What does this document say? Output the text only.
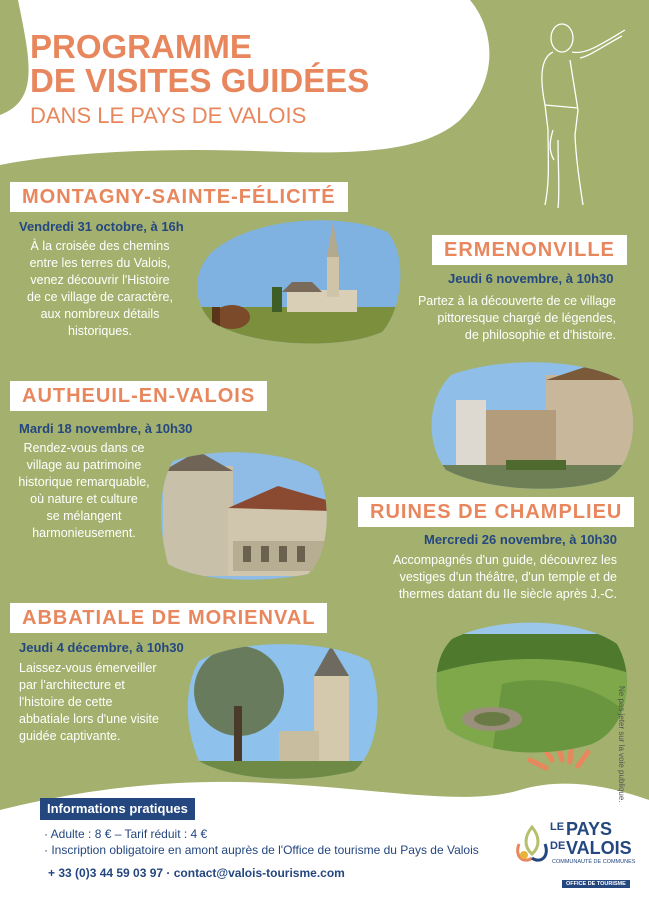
PROGRAMME
DE VISITES GUIDÉES
DANS LE PAYS DE VALOIS
MONTAGNY-SAINTE-FÉLICITÉ
Vendredi 31 octobre, à 16h
À la croisée des chemins
entre les terres du Valois,
venez découvrir l'Histoire
de ce village de caractère,
aux nombreux détails
historiques.
ERMENONVILLE
Jeudi 6 novembre, à 10h30
Partez à la découverte de ce village
pittoresque chargé de légendes,
de philosophie et d'histoire.
AUTHEUIL-EN-VALOIS
Mardi 18 novembre, à 10h30
Rendez-vous dans ce
village au patrimoine
historique remarquable,
où nature et culture
se mélangent
harmonieusement.
RUINES DE CHAMPLIEU
Mercredi 26 novembre, à 10h30
Accompagnés d'un guide, découvrez les
vestiges d'un théâtre, d'un temple et de
thermes datant du IIe siècle après J.-C.
ABBATIALE DE MORIENVAL
Jeudi 4 décembre, à 10h30
Laissez-vous émerveiller
par l'architecture et
l'histoire de cette
abbatiale lors d'une visite
guidée captivante.
Informations pratiques
· Adulte : 8 € – Tarif réduit : 4 €
· Inscription obligatoire en amont auprès de l'Office de tourisme du Pays de Valois
+ 33 (0)3 44 59 03 97 · contact@valois-tourisme.com
Ne pas jeter sur la voie publique.
LE PAYS
DE VALOIS
COMMUNAUTÉ DE COMMUNES
OFFICE DE TOURISME
